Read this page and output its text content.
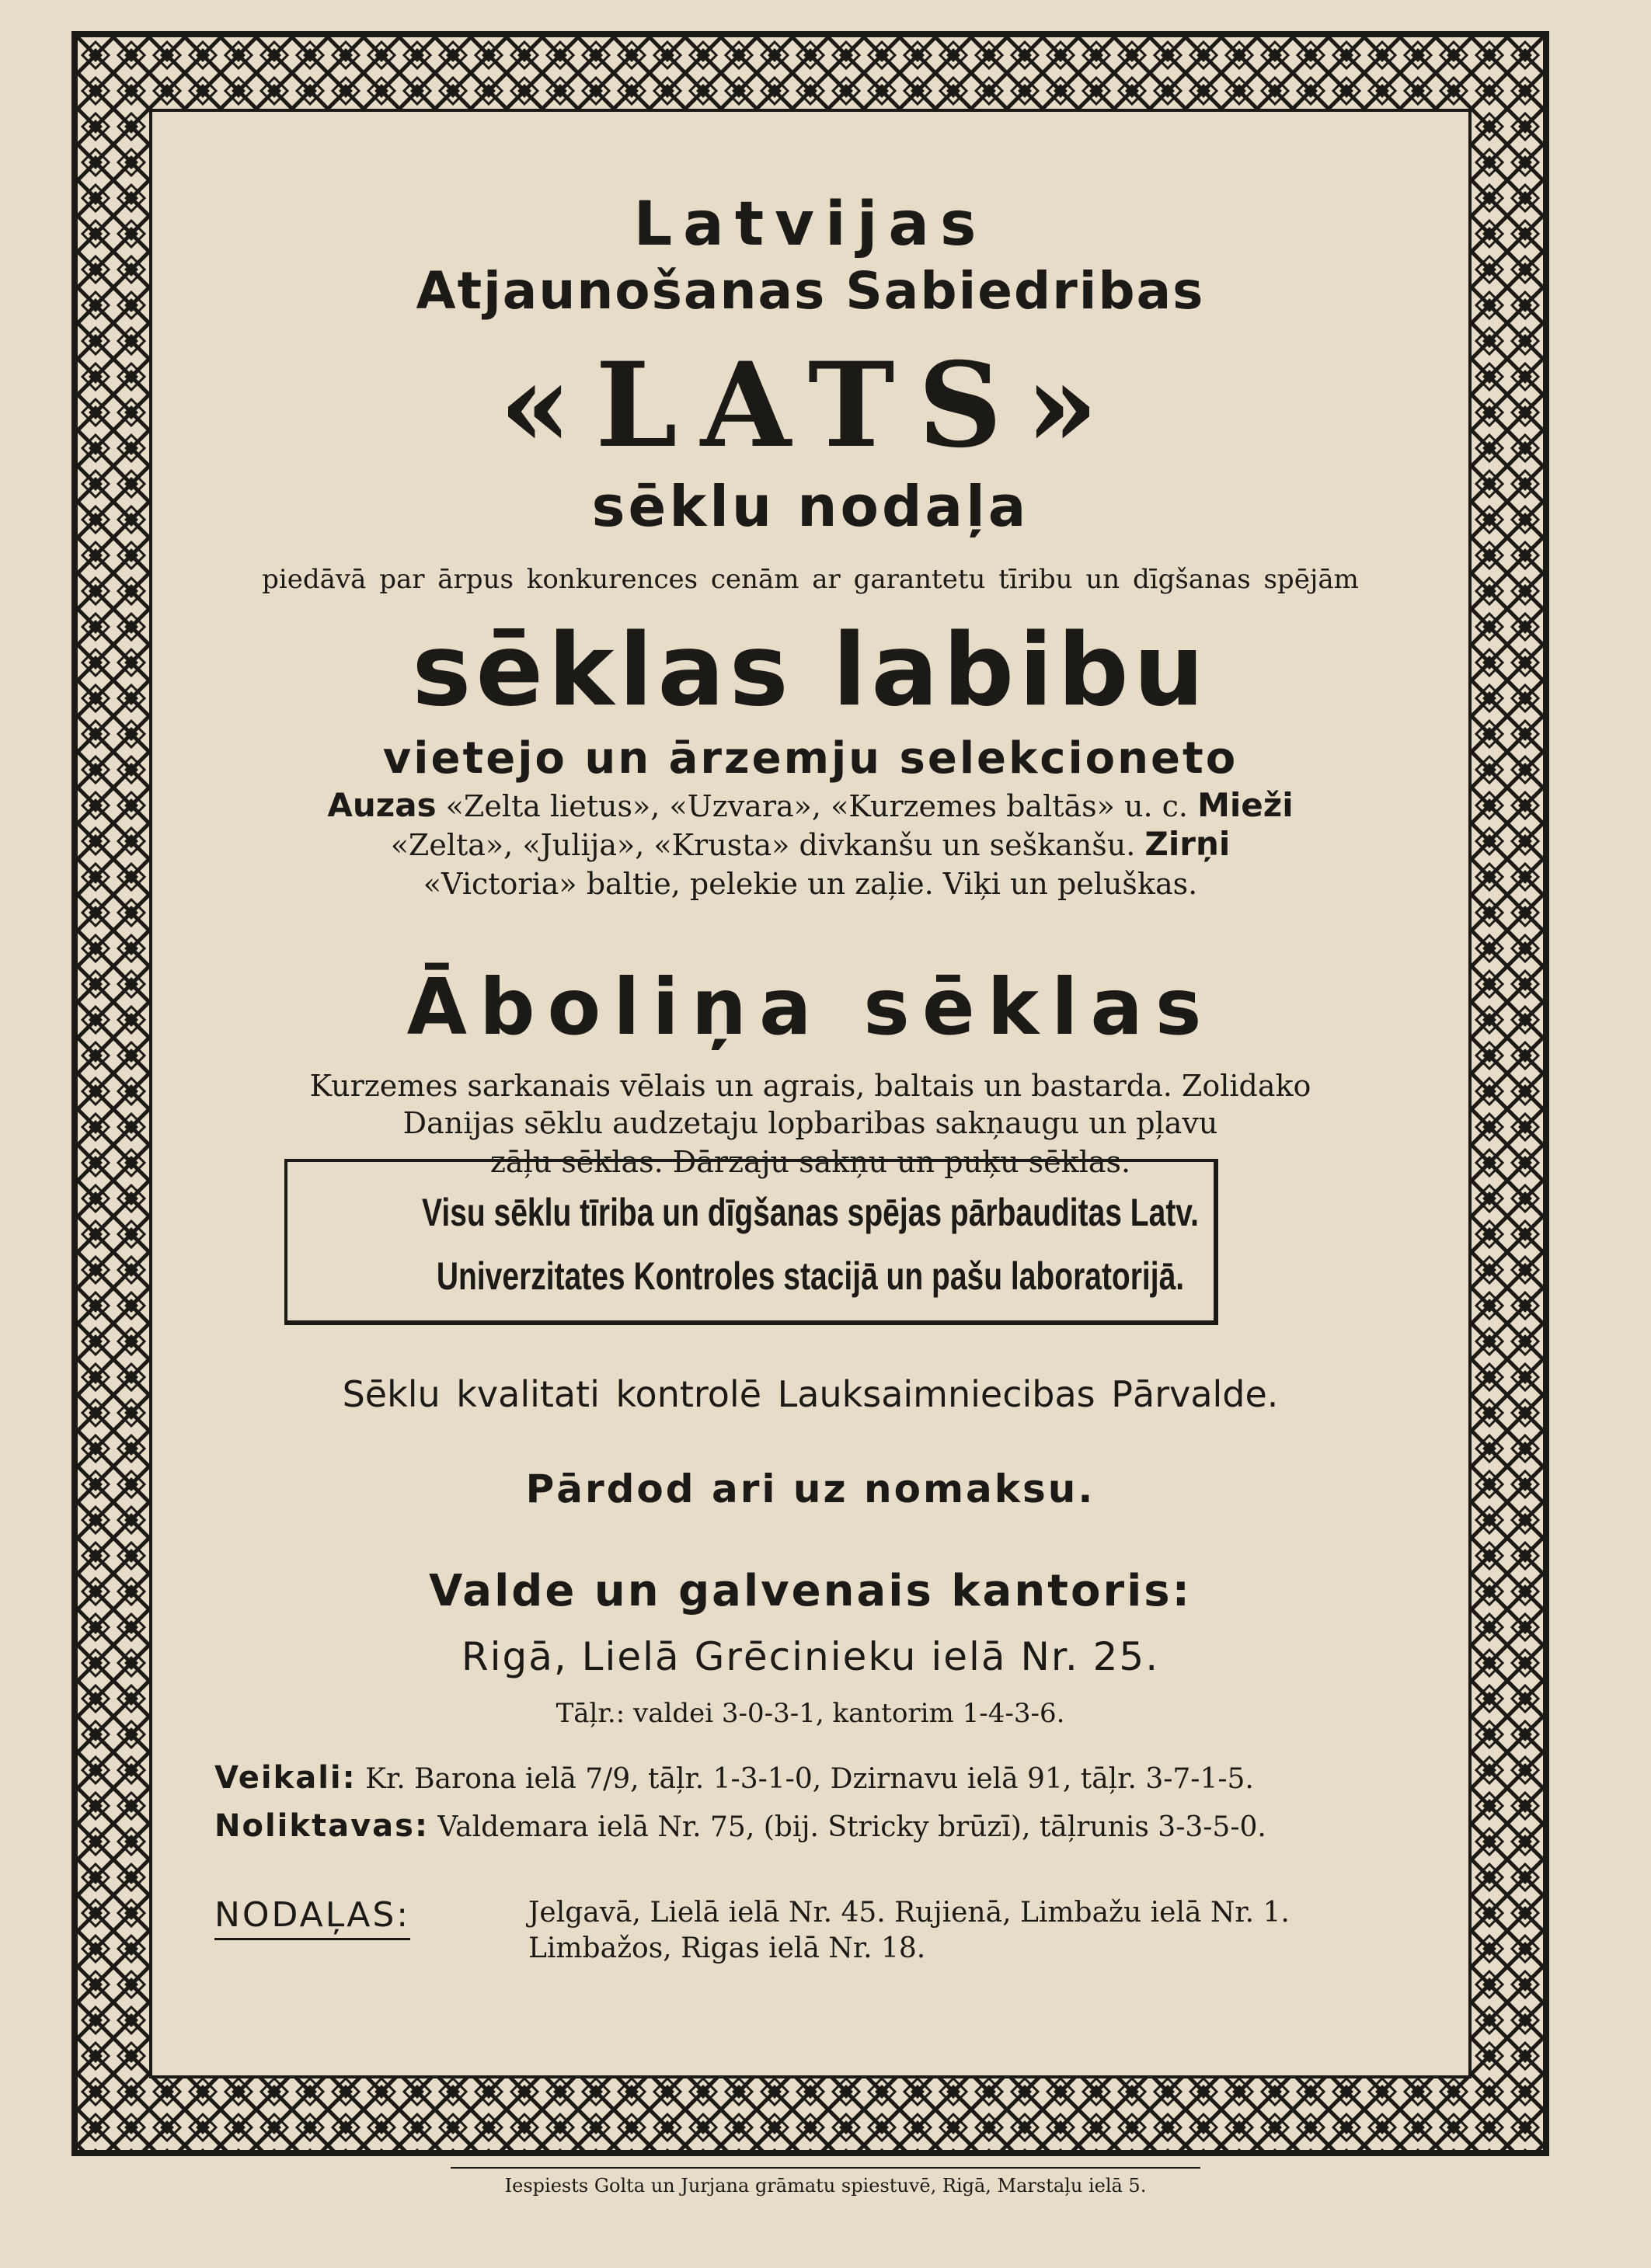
Latvijas
Atjaunošanas Sabiedribas
«LATS»
sēklu nodaļa
piedāvā par ārpus konkurences cenām ar garantetu tīribu un dīgšanas spējām
sēklas labibu
vietejo un ārzemju selekcioneto
Auzas «Zelta lietus», «Uzvara», «Kurzemes baltās» u. c. Mieži
«Zelta», «Julija», «Krusta» divkanšu un seškanšu. Zirņi
«Victoria» baltie, pelekie un zaļie. Viķi un peluškas.
Āboliņa sēklas
Kurzemes sarkanais vēlais un agrais, baltais un bastarda. Zolidako
Danijas sēklu audzetaju lopbaribas sakņaugu un pļavu
zāļu sēklas. Dārzaju sakņu un puķu sēklas.
Visu sēklu tīriba un dīgšanas spējas pārbauditas Latv.
Univerzitates Kontroles stacijā un pašu laboratorijā.
Sēklu kvalitati kontrolē Lauksaimniecibas Pārvalde.
Pārdod ari uz nomaksu.
Valde un galvenais kantoris:
Rigā, Lielā Grēcinieku ielā Nr. 25.
Tāļr.: valdei 3-0-3-1, kantorim 1-4-3-6.
Veikali: Kr. Barona ielā 7/9, tāļr. 1-3-1-0, Dzirnavu ielā 91, tāļr. 3-7-1-5.
Noliktavas: Valdemara ielā Nr. 75, (bij. Stricky brūzī), tāļrunis 3-3-5-0.
NODAĻAS:	Jelgavā, Lielā ielā Nr. 45. Rujienā, Limbažu ielā Nr. 1.
Limbažos, Rigas ielā Nr. 18.
Iespiests Golta un Jurjana grāmatu spiestuvē, Rigā, Marstaļu ielā 5.
